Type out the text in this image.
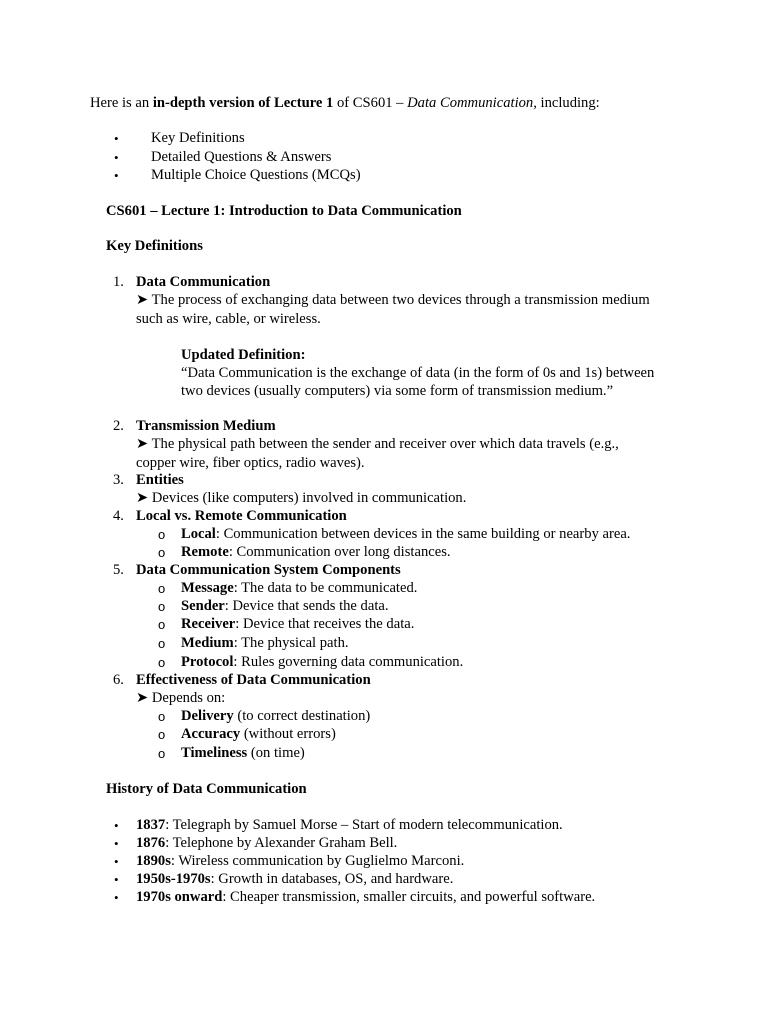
Here is an in-depth version of Lecture 1 of CS601 – Data Communication, including:
• Key Definitions
• Detailed Questions & Answers
• Multiple Choice Questions (MCQs)
CS601 – Lecture 1: Introduction to Data Communication
Key Definitions
1. Data Communication
➤ The process of exchanging data between two devices through a transmission medium
such as wire, cable, or wireless.
Updated Definition:
“Data Communication is the exchange of data (in the form of 0s and 1s) between
two devices (usually computers) via some form of transmission medium.”
2. Transmission Medium
➤ The physical path between the sender and receiver over which data travels (e.g.,
copper wire, fiber optics, radio waves).
3. Entities
➤ Devices (like computers) involved in communication.
4. Local vs. Remote Communication
o Local: Communication between devices in the same building or nearby area.
o Remote: Communication over long distances.
5. Data Communication System Components
o Message: The data to be communicated.
o Sender: Device that sends the data.
o Receiver: Device that receives the data.
o Medium: The physical path.
o Protocol: Rules governing data communication.
6. Effectiveness of Data Communication
➤ Depends on:
o Delivery (to correct destination)
o Accuracy (without errors)
o Timeliness (on time)
History of Data Communication
• 1837: Telegraph by Samuel Morse – Start of modern telecommunication.
• 1876: Telephone by Alexander Graham Bell.
• 1890s: Wireless communication by Guglielmo Marconi.
• 1950s-1970s: Growth in databases, OS, and hardware.
• 1970s onward: Cheaper transmission, smaller circuits, and powerful software.
